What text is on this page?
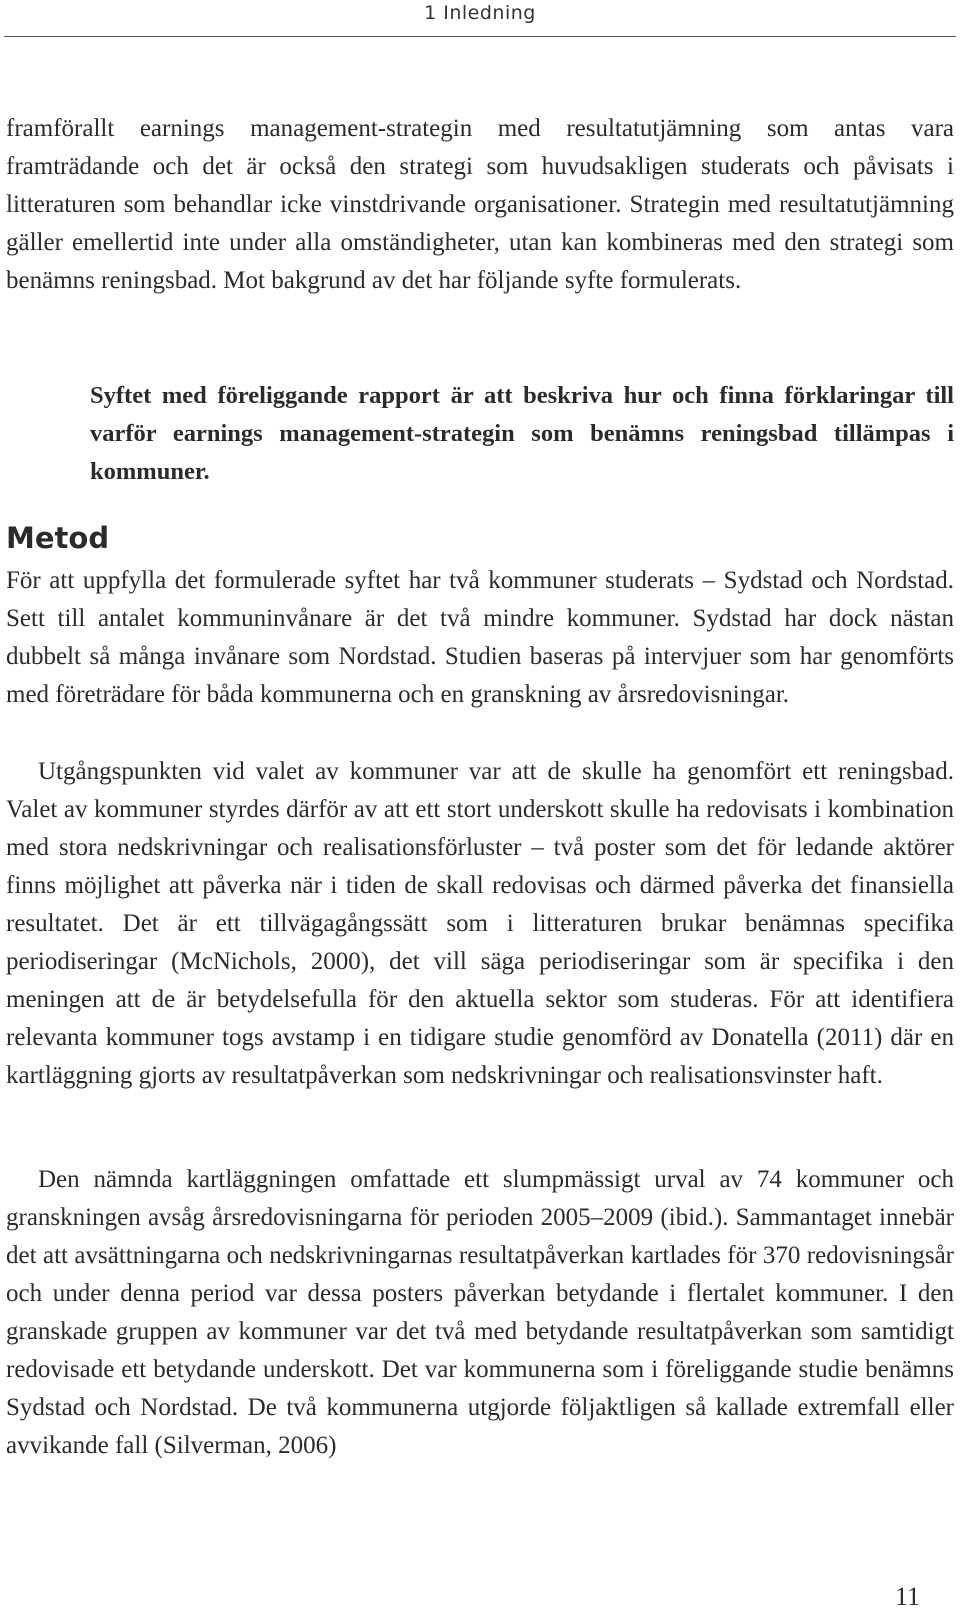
1 Inledning

framförallt earnings management-strategin med resultatutjämning som antas vara framträdande och det är också den strategi som huvudsakligen studerats och påvisats i litteraturen som behandlar icke vinstdrivande organisationer. Strategin med resultatutjämning gäller emellertid inte under alla omständigheter, utan kan kombineras med den strategi som benämns reningsbad. Mot bakgrund av det har följande syfte formulerats.

Syftet med föreliggande rapport är att beskriva hur och finna förklaringar till varför earnings management-strategin som benämns reningsbad tillämpas i kommuner.

Metod

För att uppfylla det formulerade syftet har två kommuner studerats – Sydstad och Nordstad. Sett till antalet kommuninvånare är det två mindre kommuner. Sydstad har dock nästan dubbelt så många invånare som Nordstad. Studien baseras på intervjuer som har genomförts med företrädare för båda kommunerna och en granskning av årsredovisningar.

Utgångspunkten vid valet av kommuner var att de skulle ha genomfört ett reningsbad. Valet av kommuner styrdes därför av att ett stort underskott skulle ha redovisats i kombination med stora nedskrivningar och realisationsförluster – två poster som det för ledande aktörer finns möjlighet att påverka när i tiden de skall redovisas och därmed påverka det finansiella resultatet. Det är ett tillvägagångssätt som i litteraturen brukar benämnas specifika periodiseringar (McNichols, 2000), det vill säga periodiseringar som är specifika i den meningen att de är betydelsefulla för den aktuella sektor som studeras. För att identifiera relevanta kommuner togs avstamp i en tidigare studie genomförd av Donatella (2011) där en kartläggning gjorts av resultatpåverkan som nedskrivningar och realisationsvinster haft.

Den nämnda kartläggningen omfattade ett slumpmässigt urval av 74 kommuner och granskningen avsåg årsredovisningarna för perioden 2005–2009 (ibid.). Sammantaget innebär det att avsättningarna och nedskrivningarnas resultatpåverkan kartlades för 370 redovisningsår och under denna period var dessa posters påverkan betydande i flertalet kommuner. I den granskade gruppen av kommuner var det två med betydande resultatpåverkan som samtidigt redovisade ett betydande underskott. Det var kommunerna som i föreliggande studie benämns Sydstad och Nordstad. De två kommunerna utgjorde följaktligen så kallade extremfall eller avvikande fall (Silverman, 2006)

11
